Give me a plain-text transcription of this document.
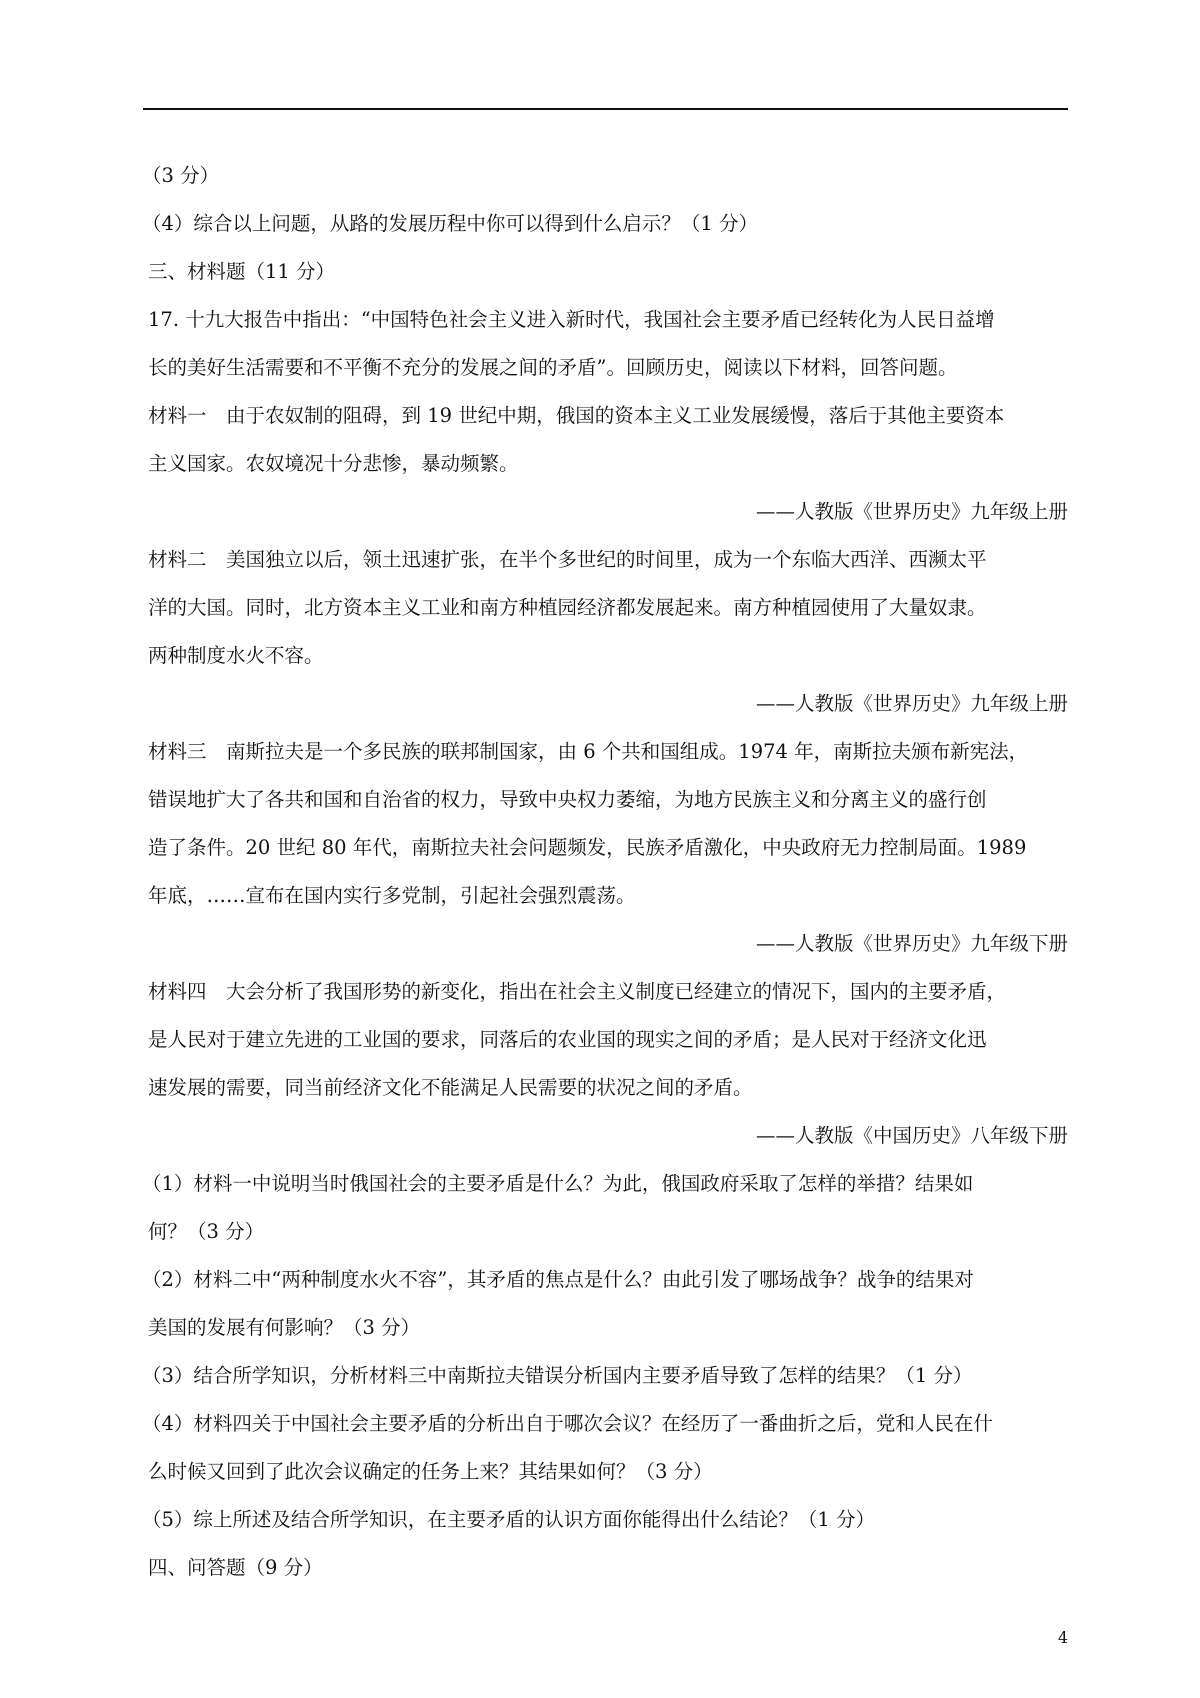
（3 分）
（4）综合以上问题，从路的发展历程中你可以得到什么启示？（1 分）
三、材料题（11 分）
17. 十九大报告中指出：“中国特色社会主义进入新时代，我国社会主要矛盾已经转化为人民日益增
长的美好生活需要和不平衡不充分的发展之间的矛盾”。回顾历史，阅读以下材料，回答问题。
材料一　由于农奴制的阻碍，到 19 世纪中期，俄国的资本主义工业发展缓慢，落后于其他主要资本
主义国家。农奴境况十分悲惨，暴动频繁。
——人教版《世界历史》九年级上册
材料二　美国独立以后，领土迅速扩张，在半个多世纪的时间里，成为一个东临大西洋、西濒太平
洋的大国。同时，北方资本主义工业和南方种植园经济都发展起来。南方种植园使用了大量奴隶。
两种制度水火不容。
——人教版《世界历史》九年级上册
材料三　南斯拉夫是一个多民族的联邦制国家，由 6 个共和国组成。1974 年，南斯拉夫颁布新宪法，
错误地扩大了各共和国和自治省的权力，导致中央权力萎缩，为地方民族主义和分离主义的盛行创
造了条件。20 世纪 80 年代，南斯拉夫社会问题频发，民族矛盾激化，中央政府无力控制局面。1989
年底，……宣布在国内实行多党制，引起社会强烈震荡。
——人教版《世界历史》九年级下册
材料四　大会分析了我国形势的新变化，指出在社会主义制度已经建立的情况下，国内的主要矛盾，
是人民对于建立先进的工业国的要求，同落后的农业国的现实之间的矛盾；是人民对于经济文化迅
速发展的需要，同当前经济文化不能满足人民需要的状况之间的矛盾。
——人教版《中国历史》八年级下册
（1）材料一中说明当时俄国社会的主要矛盾是什么？为此，俄国政府采取了怎样的举措？结果如
何？（3 分）
（2）材料二中“两种制度水火不容”，其矛盾的焦点是什么？由此引发了哪场战争？战争的结果对
美国的发展有何影响？（3 分）
（3）结合所学知识，分析材料三中南斯拉夫错误分析国内主要矛盾导致了怎样的结果？（1 分）
（4）材料四关于中国社会主要矛盾的分析出自于哪次会议？在经历了一番曲折之后，党和人民在什
么时候又回到了此次会议确定的任务上来？其结果如何？（3 分）
（5）综上所述及结合所学知识，在主要矛盾的认识方面你能得出什么结论？（1 分）
四、问答题（9 分）
4
